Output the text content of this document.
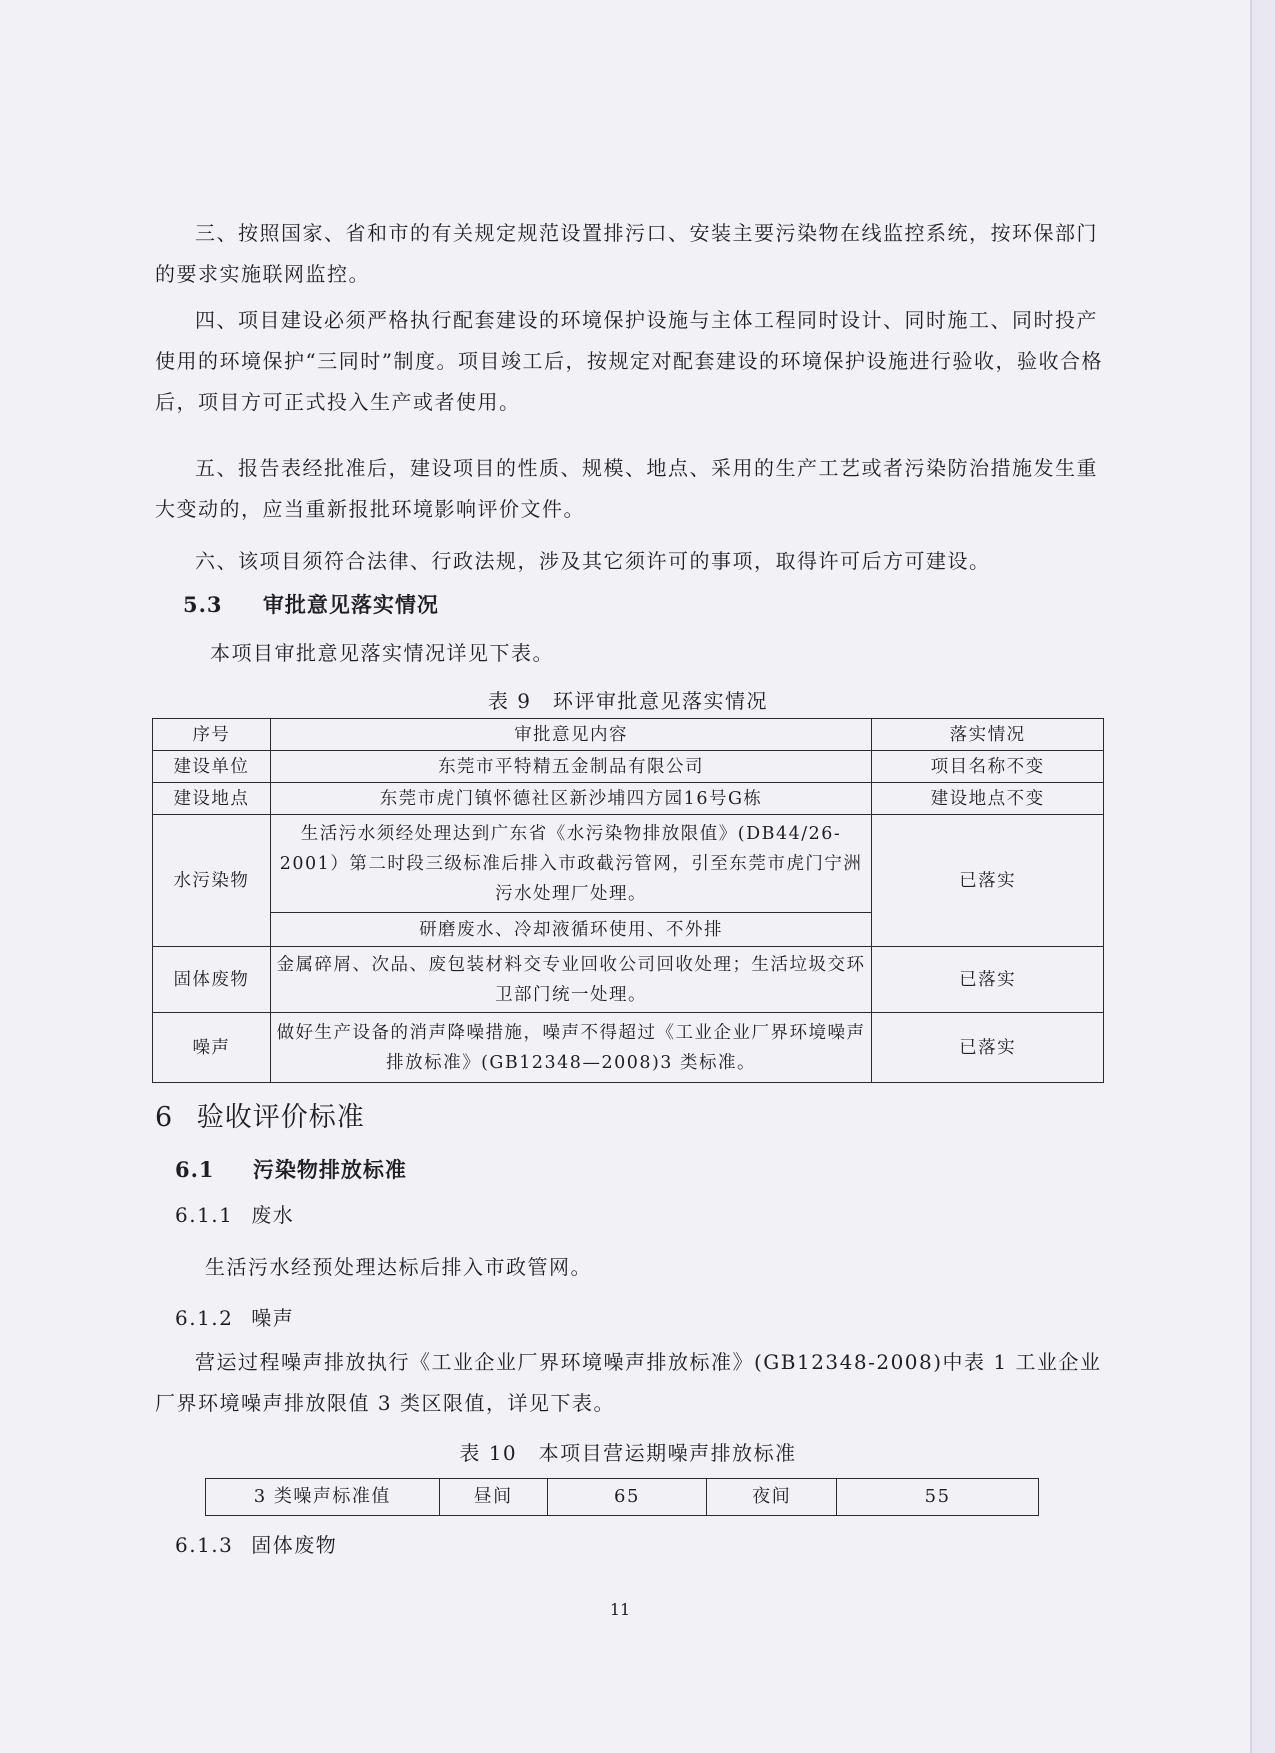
三、按照国家、省和市的有关规定规范设置排污口、安装主要污染物在线监控系统，按环保部门的要求实施联网监控。
四、项目建设必须严格执行配套建设的环境保护设施与主体工程同时设计、同时施工、同时投产使用的环境保护“三同时”制度。项目竣工后，按规定对配套建设的环境保护设施进行验收，验收合格后，项目方可正式投入生产或者使用。
五、报告表经批准后，建设项目的性质、规模、地点、采用的生产工艺或者污染防治措施发生重大变动的，应当重新报批环境影响评价文件。
六、该项目须符合法律、行政法规，涉及其它须许可的事项，取得许可后方可建设。
5.3 审批意见落实情况
本项目审批意见落实情况详见下表。
表 9　环评审批意见落实情况
序号	审批意见内容	落实情况
建设单位	东莞市平特精五金制品有限公司	项目名称不变
建设地点	东莞市虎门镇怀德社区新沙埔四方园16号G栋	建设地点不变
水污染物	生活污水须经处理达到广东省《水污染物排放限值》(DB44/26-2001）第二时段三级标准后排入市政截污管网，引至东莞市虎门宁洲污水处理厂处理。	已落实
	研磨废水、冷却液循环使用、不外排	
固体废物	金属碎屑、次品、废包装材料交专业回收公司回收处理；生活垃圾交环卫部门统一处理。	已落实
噪声	做好生产设备的消声降噪措施，噪声不得超过《工业企业厂界环境噪声排放标准》(GB12348—2008)3 类标准。	已落实
6 验收评价标准
6.1 污染物排放标准
6.1.1 废水
生活污水经预处理达标后排入市政管网。
6.1.2 噪声
营运过程噪声排放执行《工业企业厂界环境噪声排放标准》(GB12348-2008)中表 1 工业企业厂界环境噪声排放限值 3 类区限值，详见下表。
表 10　本项目营运期噪声排放标准
3 类噪声标准值	昼间	65	夜间	55
6.1.3 固体废物
11
